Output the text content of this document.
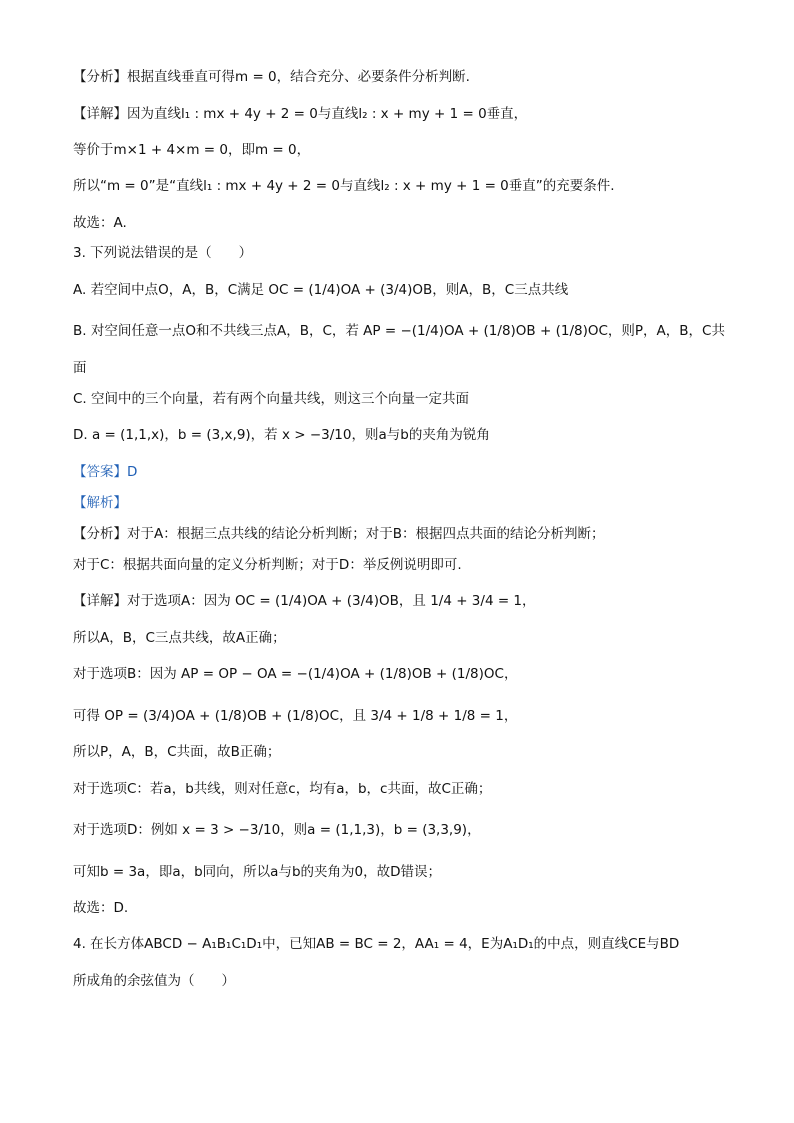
【分析】根据直线垂直可得m = 0，结合充分、必要条件分析判断.
【详解】因为直线l₁ : mx + 4y + 2 = 0与直线l₂ : x + my + 1 = 0垂直，
等价于m×1 + 4×m = 0，即m = 0，
所以“m = 0”是“直线l₁ : mx + 4y + 2 = 0与直线l₂ : x + my + 1 = 0垂直”的充要条件.
故选：A.
3. 下列说法错误的是（　　）
A. 若空间中点O，A，B，C满足 OC = (1/4)OA + (3/4)OB，则A，B，C三点共线
B. 对空间任意一点O和不共线三点A，B，C，若 AP = −(1/4)OA + (1/8)OB + (1/8)OC，则P，A，B，C共
面
C. 空间中的三个向量，若有两个向量共线，则这三个向量一定共面
D. a = (1,1,x)，b = (3,x,9)，若 x > −3/10，则a与b的夹角为锐角
【答案】D
【解析】
【分析】对于A：根据三点共线的结论分析判断；对于B：根据四点共面的结论分析判断；
对于C：根据共面向量的定义分析判断；对于D：举反例说明即可.
【详解】对于选项A：因为 OC = (1/4)OA + (3/4)OB，且 1/4 + 3/4 = 1，
所以A，B，C三点共线，故A正确；
对于选项B：因为 AP = OP − OA = −(1/4)OA + (1/8)OB + (1/8)OC，
可得 OP = (3/4)OA + (1/8)OB + (1/8)OC，且 3/4 + 1/8 + 1/8 = 1，
所以P，A，B，C共面，故B正确；
对于选项C：若a，b共线，则对任意c，均有a，b，c共面，故C正确；
对于选项D：例如 x = 3 > −3/10，则a = (1,1,3)，b = (3,3,9)，
可知b = 3a，即a，b同向，所以a与b的夹角为0，故D错误；
故选：D.
4. 在长方体ABCD − A₁B₁C₁D₁中，已知AB = BC = 2，AA₁ = 4，E为A₁D₁的中点，则直线CE与BD
所成角的余弦值为（　　）
